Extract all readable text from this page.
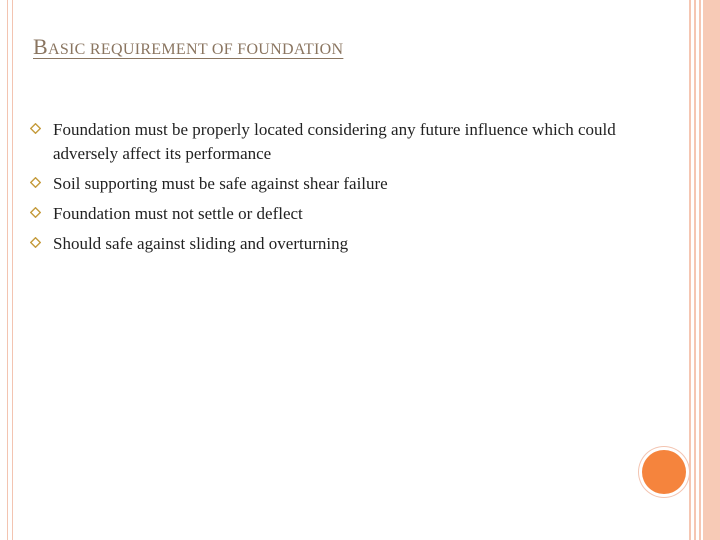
BASIC REQUIREMENT OF FOUNDATION
Foundation must be properly located considering any future influence which could adversely affect its performance
Soil supporting must be safe against shear failure
Foundation must not settle or deflect
Should safe against sliding and overturning
